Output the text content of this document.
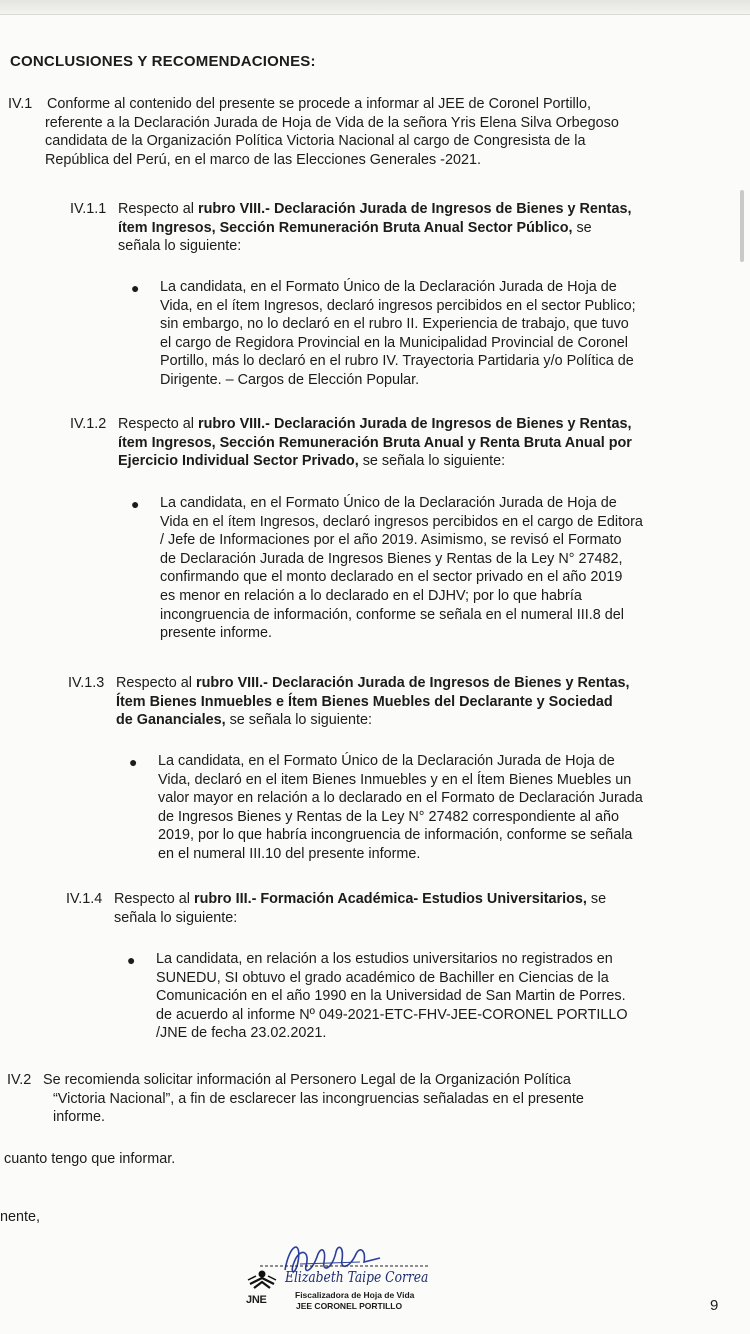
CONCLUSIONES Y RECOMENDACIONES:
IV.1 Conforme al contenido del presente se procede a informar al JEE de Coronel Portillo,
referente a la Declaración Jurada de Hoja de Vida de la señora Yris Elena Silva Orbegoso
candidata de la Organización Política Victoria Nacional al cargo de Congresista de la
República del Perú, en el marco de las Elecciones Generales -2021.
IV.1.1 Respecto al rubro VIII.- Declaración Jurada de Ingresos de Bienes y Rentas,
ítem Ingresos, Sección Remuneración Bruta Anual Sector Público, se
señala lo siguiente:
● La candidata, en el Formato Único de la Declaración Jurada de Hoja de
Vida, en el ítem Ingresos, declaró ingresos percibidos en el sector Publico;
sin embargo, no lo declaró en el rubro II. Experiencia de trabajo, que tuvo
el cargo de Regidora Provincial en la Municipalidad Provincial de Coronel
Portillo, más lo declaró en el rubro IV. Trayectoria Partidaria y/o Política de
Dirigente. – Cargos de Elección Popular.
IV.1.2 Respecto al rubro VIII.- Declaración Jurada de Ingresos de Bienes y Rentas,
ítem Ingresos, Sección Remuneración Bruta Anual y Renta Bruta Anual por
Ejercicio Individual Sector Privado, se señala lo siguiente:
● La candidata, en el Formato Único de la Declaración Jurada de Hoja de
Vida en el ítem Ingresos, declaró ingresos percibidos en el cargo de Editora
/ Jefe de Informaciones por el año 2019. Asimismo, se revisó el Formato
de Declaración Jurada de Ingresos Bienes y Rentas de la Ley N° 27482,
confirmando que el monto declarado en el sector privado en el año 2019
es menor en relación a lo declarado en el DJHV; por lo que habría
incongruencia de información, conforme se señala en el numeral III.8 del
presente informe.
IV.1.3 Respecto al rubro VIII.- Declaración Jurada de Ingresos de Bienes y Rentas,
Ítem Bienes Inmuebles e Ítem Bienes Muebles del Declarante y Sociedad
de Gananciales, se señala lo siguiente:
● La candidata, en el Formato Único de la Declaración Jurada de Hoja de
Vida, declaró en el item Bienes Inmuebles y en el Ítem Bienes Muebles un
valor mayor en relación a lo declarado en el Formato de Declaración Jurada
de Ingresos Bienes y Rentas de la Ley N° 27482 correspondiente al año
2019, por lo que habría incongruencia de información, conforme se señala
en el numeral III.10 del presente informe.
IV.1.4 Respecto al rubro III.- Formación Académica- Estudios Universitarios, se
señala lo siguiente:
● La candidata, en relación a los estudios universitarios no registrados en
SUNEDU, SI obtuvo el grado académico de Bachiller en Ciencias de la
Comunicación en el año 1990 en la Universidad de San Martin de Porres.
de acuerdo al informe Nº 049-2021-ETC-FHV-JEE-CORONEL PORTILLO
/JNE de fecha 23.02.2021.
IV.2 Se recomienda solicitar información al Personero Legal de la Organización Política
“Victoria Nacional”, a fin de esclarecer las incongruencias señaladas en el presente
informe.
cuanto tengo que informar.
nente,
Elizabeth Taipe Correa
JNE	Fiscalizadora de Hoja de Vida
JEE CORONEL PORTILLO	9
